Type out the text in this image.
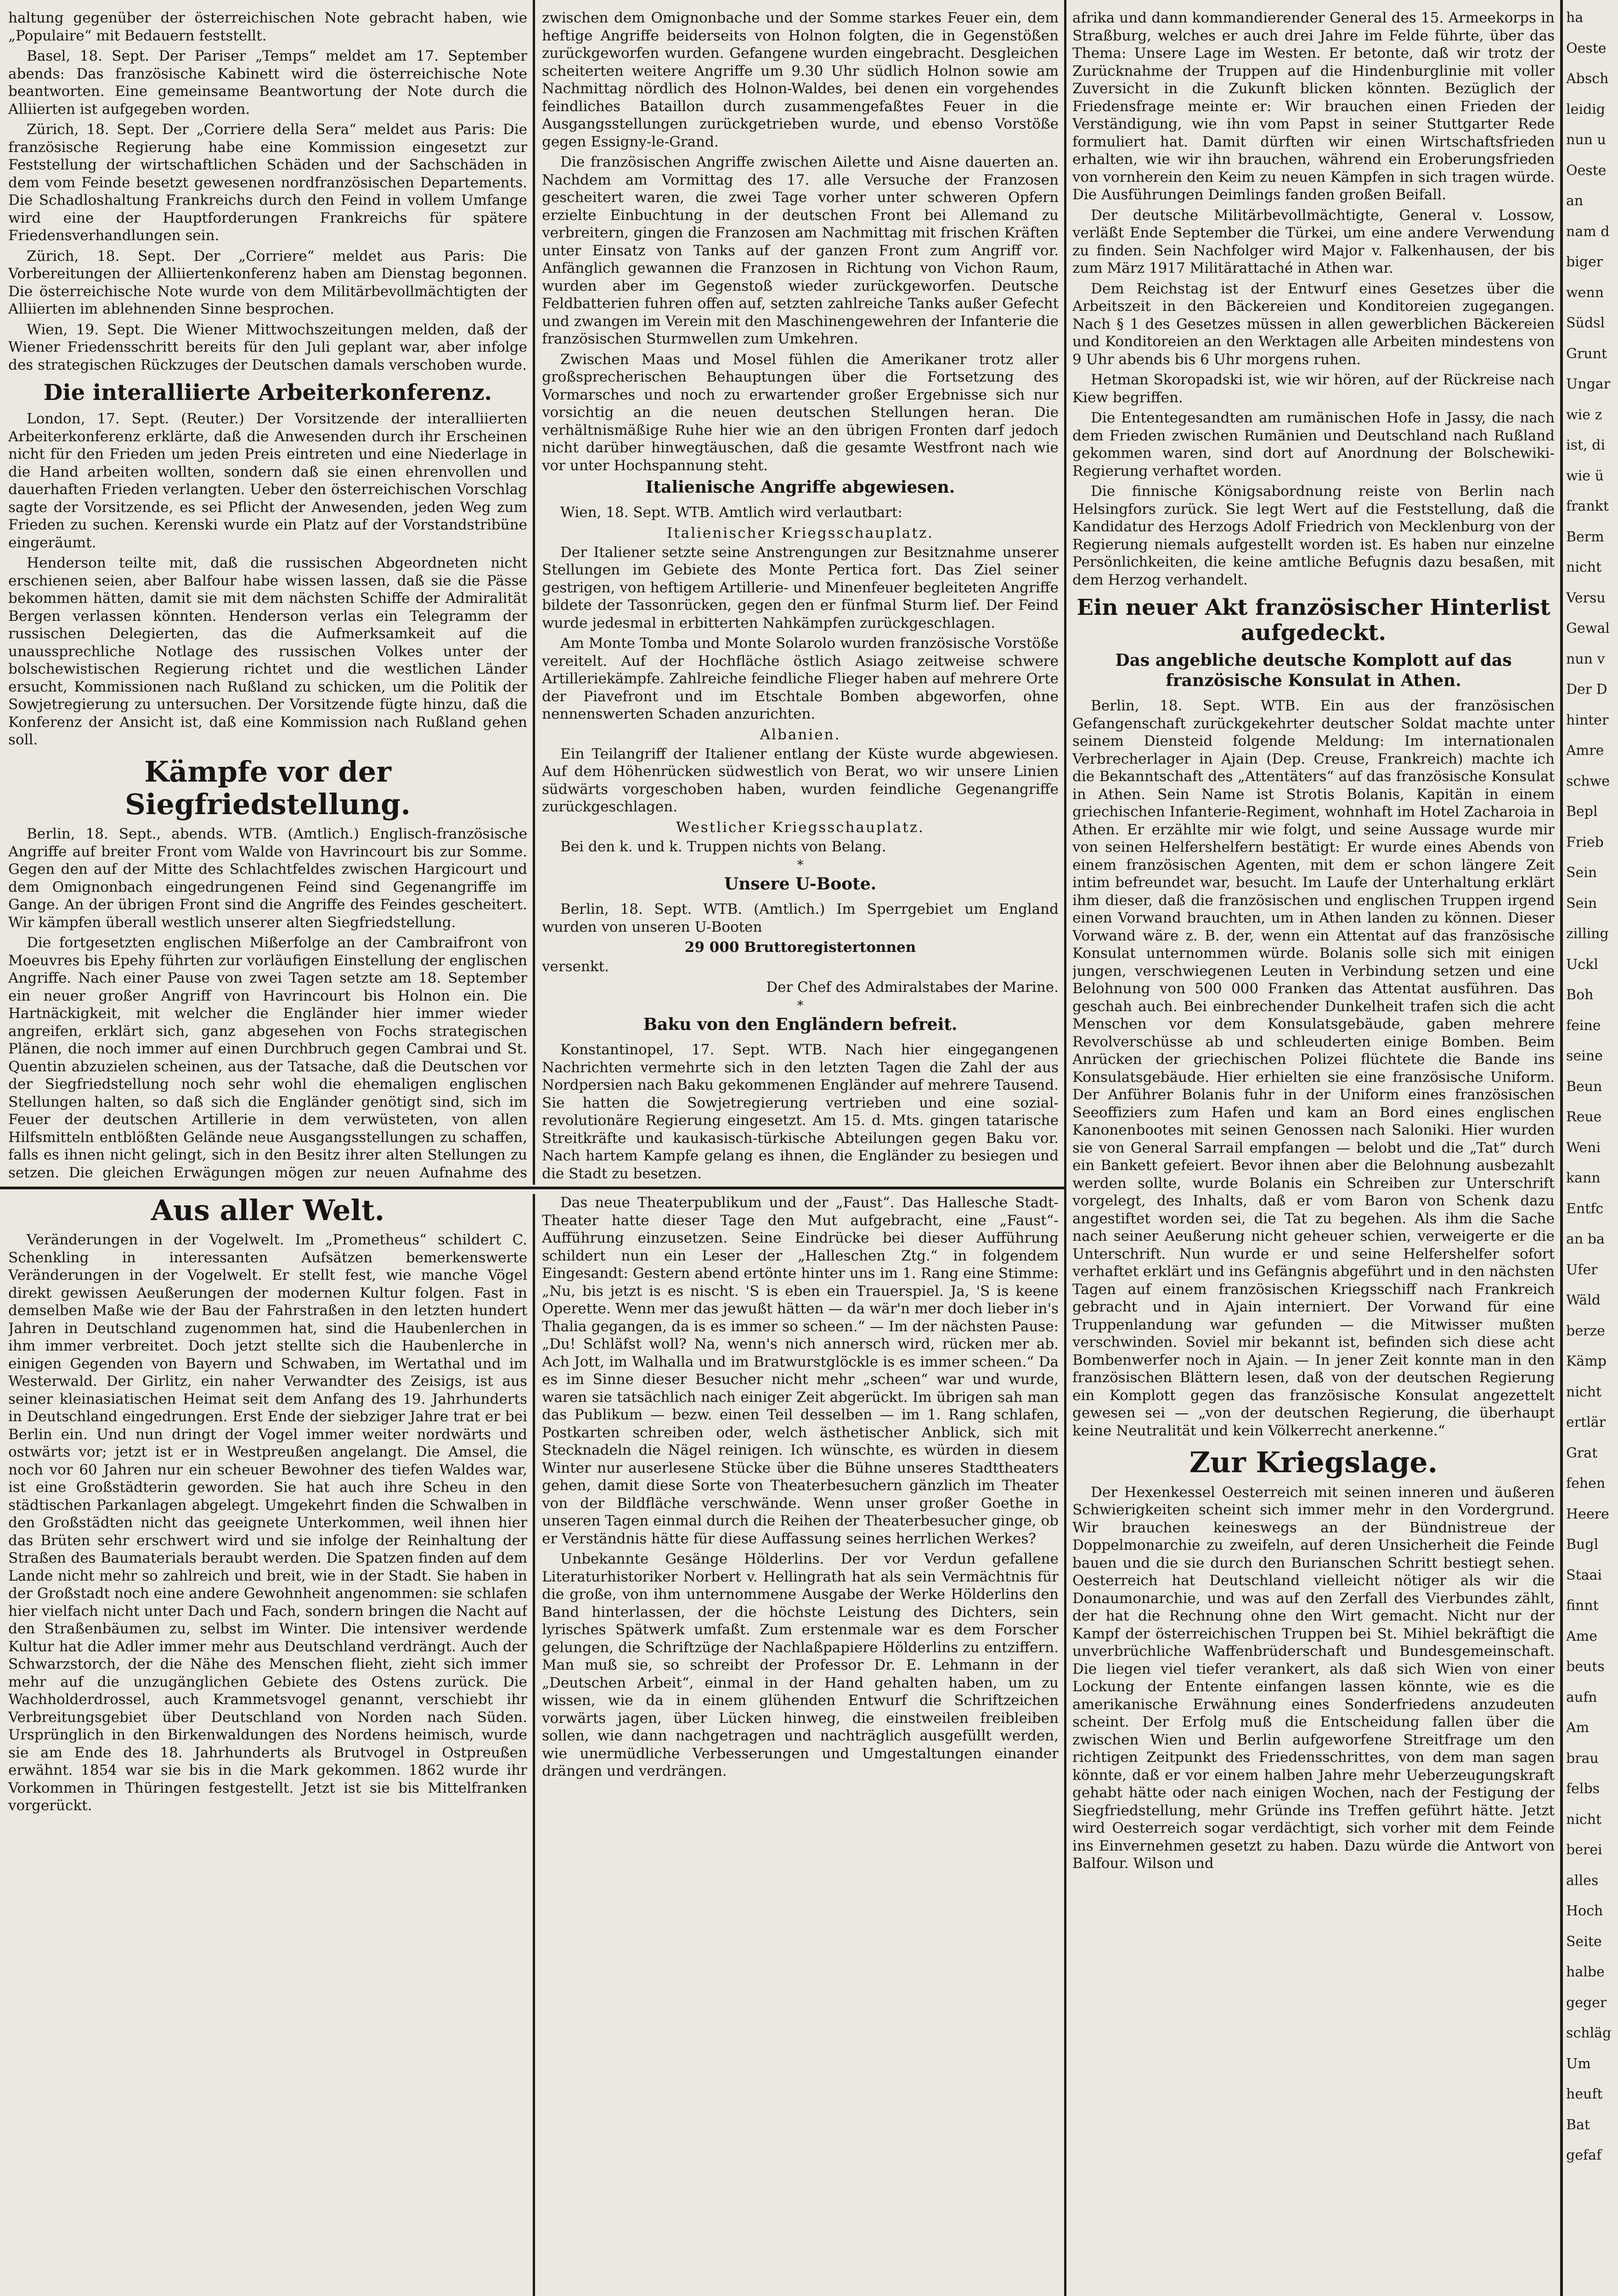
haltung gegenüber der österreichischen Note gebracht haben, wie „Populaire“ mit Bedauern feststellt.

Basel, 18. Sept. Der Pariser „Temps“ meldet am 17. September abends: Das französische Kabinett wird die österreichische Note beantworten. Eine gemeinsame Beantwortung der Note durch die Alliierten ist aufgegeben worden.

Zürich, 18. Sept. Der „Corriere della Sera“ meldet aus Paris: Die französische Regierung habe eine Kommission eingesetzt zur Feststellung der wirtschaftlichen Schäden und der Sachschäden in dem vom Feinde besetzt gewesenen nordfranzösischen Departements. Die Schadloshaltung Frankreichs durch den Feind in vollem Umfange wird eine der Hauptforderungen Frankreichs für spätere Friedensverhandlungen sein.

Zürich, 18. Sept. Der „Corriere“ meldet aus Paris: Die Vorbereitungen der Alliiertenkonferenz haben am Dienstag begonnen. Die österreichische Note wurde von dem Militärbevollmächtigten der Alliierten im ablehnenden Sinne besprochen.

Wien, 19. Sept. Die Wiener Mittwochszeitungen melden, daß der Wiener Friedensschritt bereits für den Juli geplant war, aber infolge des strategischen Rückzuges der Deutschen damals verschoben wurde.

Die interalliierte Arbeiterkonferenz.

London, 17. Sept. (Reuter.) Der Vorsitzende der interalliierten Arbeiterkonferenz erklärte, daß die Anwesenden durch ihr Erscheinen nicht für den Frieden um jeden Preis eintreten und eine Niederlage in die Hand arbeiten wollten, sondern daß sie einen ehrenvollen und dauerhaften Frieden verlangten. Ueber den österreichischen Vorschlag sagte der Vorsitzende, es sei Pflicht der Anwesenden, jeden Weg zum Frieden zu suchen. Kerenski wurde ein Platz auf der Vorstandstribüne eingeräumt.

Henderson teilte mit, daß die russischen Abgeordneten nicht erschienen seien, aber Balfour habe wissen lassen, daß sie die Pässe bekommen hätten, damit sie mit dem nächsten Schiffe der Admiralität Bergen verlassen könnten. Henderson verlas ein Telegramm der russischen Delegierten, das die Aufmerksamkeit auf die unaussprechliche Notlage des russischen Volkes unter der bolschewistischen Regierung richtet und die westlichen Länder ersucht, Kommissionen nach Rußland zu schicken, um die Politik der Sowjetregierung zu untersuchen. Der Vorsitzende fügte hinzu, daß die Konferenz der Ansicht ist, daß eine Kommission nach Rußland gehen soll.

Kämpfe vor der Siegfriedstellung.

Berlin, 18. Sept., abends. WTB. (Amtlich.) Englisch-französische Angriffe auf breiter Front vom Walde von Havrincourt bis zur Somme. Gegen den auf der Mitte des Schlachtfeldes zwischen Hargicourt und dem Omignonbach eingedrungenen Feind sind Gegenangriffe im Gange. An der übrigen Front sind die Angriffe des Feindes gescheitert. Wir kämpfen überall westlich unserer alten Siegfriedstellung.

Die fortgesetzten englischen Mißerfolge an der Cambraifront von Moeuvres bis Epehy führten zur vorläufigen Einstellung der englischen Angriffe. Nach einer Pause von zwei Tagen setzte am 18. September ein neuer großer Angriff von Havrincourt bis Holnon ein. Die Hartnäckigkeit, mit welcher die Engländer hier immer wieder angreifen, erklärt sich, ganz abgesehen von Fochs strategischen Plänen, die noch immer auf einen Durchbruch gegen Cambrai und St. Quentin abzuzielen scheinen, aus der Tatsache, daß die Deutschen vor der Siegfriedstellung noch sehr wohl die ehemaligen englischen Stellungen halten, so daß sich die Engländer genötigt sind, sich im Feuer der deutschen Artillerie in dem verwüsteten, von allen Hilfsmitteln entblößten Gelände neue Ausgangsstellungen zu schaffen, falls es ihnen nicht gelingt, sich in den Besitz ihrer alten Stellungen zu setzen. Die gleichen Erwägungen mögen zur neuen Aufnahme des

zwischen dem Omignonbache und der Somme starkes Feuer ein, dem heftige Angriffe beiderseits von Holnon folgten, die in Gegenstößen zurückgeworfen wurden. Gefangene wurden eingebracht. Desgleichen scheiterten weitere Angriffe um 9.30 Uhr südlich Holnon sowie am Nachmittag nördlich des Holnon-Waldes, bei denen ein vorgehendes feindliches Bataillon durch zusammengefaßtes Feuer in die Ausgangsstellungen zurückgetrieben wurde, und ebenso Vorstöße gegen Essigny-le-Grand.

Die französischen Angriffe zwischen Ailette und Aisne dauerten an. Nachdem am Vormittag des 17. alle Versuche der Franzosen gescheitert waren, die zwei Tage vorher unter schweren Opfern erzielte Einbuchtung in der deutschen Front bei Allemand zu verbreitern, gingen die Franzosen am Nachmittag mit frischen Kräften unter Einsatz von Tanks auf der ganzen Front zum Angriff vor. Anfänglich gewannen die Franzosen in Richtung von Vichon Raum, wurden aber im Gegenstoß wieder zurückgeworfen. Deutsche Feldbatterien fuhren offen auf, setzten zahlreiche Tanks außer Gefecht und zwangen im Verein mit den Maschinengewehren der Infanterie die französischen Sturmwellen zum Umkehren.

Zwischen Maas und Mosel fühlen die Amerikaner trotz aller großsprecherischen Behauptungen über die Fortsetzung des Vormarsches und noch zu erwartender großer Ergebnisse sich nur vorsichtig an die neuen deutschen Stellungen heran. Die verhältnismäßige Ruhe hier wie an den übrigen Fronten darf jedoch nicht darüber hinwegtäuschen, daß die gesamte Westfront nach wie vor unter Hochspannung steht.

Italienische Angriffe abgewiesen.

Wien, 18. Sept. WTB. Amtlich wird verlautbart:

Italienischer Kriegsschauplatz.

Der Italiener setzte seine Anstrengungen zur Besitznahme unserer Stellungen im Gebiete des Monte Pertica fort. Das Ziel seiner gestrigen, von heftigem Artillerie- und Minenfeuer begleiteten Angriffe bildete der Tassonrücken, gegen den er fünfmal Sturm lief. Der Feind wurde jedesmal in erbitterten Nahkämpfen zurückgeschlagen.

Am Monte Tomba und Monte Solarolo wurden französische Vorstöße vereitelt. Auf der Hochfläche östlich Asiago zeitweise schwere Artilleriekämpfe. Zahlreiche feindliche Flieger haben auf mehrere Orte der Piavefront und im Etschtale Bomben abgeworfen, ohne nennenswerten Schaden anzurichten.

Albanien.

Ein Teilangriff der Italiener entlang der Küste wurde abgewiesen. Auf dem Höhenrücken südwestlich von Berat, wo wir unsere Linien südwärts vorgeschoben haben, wurden feindliche Gegenangriffe zurückgeschlagen.

Westlicher Kriegsschauplatz.

Bei den k. und k. Truppen nichts von Belang.

*

Unsere U-Boote.

Berlin, 18. Sept. WTB. (Amtlich.) Im Sperrgebiet um England wurden von unseren U-Booten

29 000 Bruttoregistertonnen

versenkt.

Der Chef des Admiralstabes der Marine.

*

Baku von den Engländern befreit.

Konstantinopel, 17. Sept. WTB. Nach hier eingegangenen Nachrichten vermehrte sich in den letzten Tagen die Zahl der aus Nordpersien nach Baku gekommenen Engländer auf mehrere Tausend. Sie hatten die Sowjetregierung vertrieben und eine sozial-revolutionäre Regierung eingesetzt. Am 15. d. Mts. gingen tatarische Streitkräfte und kaukasisch-türkische Abteilungen gegen Baku vor. Nach hartem Kampfe gelang es ihnen, die Engländer zu besiegen und die Stadt zu besetzen.

afrika und dann kommandierender General des 15. Armeekorps in Straßburg, welches er auch drei Jahre im Felde führte, über das Thema: Unsere Lage im Westen. Er betonte, daß wir trotz der Zurücknahme der Truppen auf die Hindenburglinie mit voller Zuversicht in die Zukunft blicken könnten. Bezüglich der Friedensfrage meinte er: Wir brauchen einen Frieden der Verständigung, wie ihn vom Papst in seiner Stuttgarter Rede formuliert hat. Damit dürften wir einen Wirtschaftsfrieden erhalten, wie wir ihn brauchen, während ein Eroberungsfrieden von vornherein den Keim zu neuen Kämpfen in sich tragen würde. Die Ausführungen Deimlings fanden großen Beifall.

Der deutsche Militärbevollmächtigte, General v. Lossow, verläßt Ende September die Türkei, um eine andere Verwendung zu finden. Sein Nachfolger wird Major v. Falkenhausen, der bis zum März 1917 Militärattaché in Athen war.

Dem Reichstag ist der Entwurf eines Gesetzes über die Arbeitszeit in den Bäckereien und Konditoreien zugegangen. Nach § 1 des Gesetzes müssen in allen gewerblichen Bäckereien und Konditoreien an den Werktagen alle Arbeiten mindestens von 9 Uhr abends bis 6 Uhr morgens ruhen.

Hetman Skoropadski ist, wie wir hören, auf der Rückreise nach Kiew begriffen.

Die Ententegesandten am rumänischen Hofe in Jassy, die nach dem Frieden zwischen Rumänien und Deutschland nach Rußland gekommen waren, sind dort auf Anordnung der Bolschewiki-Regierung verhaftet worden.

Die finnische Königsabordnung reiste von Berlin nach Helsingfors zurück. Sie legt Wert auf die Feststellung, daß die Kandidatur des Herzogs Adolf Friedrich von Mecklenburg von der Regierung niemals aufgestellt worden ist. Es haben nur einzelne Persönlichkeiten, die keine amtliche Befugnis dazu besaßen, mit dem Herzog verhandelt.

Ein neuer Akt französischer Hinterlist aufgedeckt.
Das angebliche deutsche Komplott auf das französische Konsulat in Athen.

Berlin, 18. Sept. WTB. Ein aus der französischen Gefangenschaft zurückgekehrter deutscher Soldat machte unter seinem Diensteid folgende Meldung: Im internationalen Verbrecherlager in Ajain (Dep. Creuse, Frankreich) machte ich die Bekanntschaft des „Attentäters“ auf das französische Konsulat in Athen. Sein Name ist Strotis Bolanis, Kapitän in einem griechischen Infanterie-Regiment, wohnhaft im Hotel Zacharoia in Athen. Er erzählte mir wie folgt, und seine Aussage wurde mir von seinen Helfershelfern bestätigt: Er wurde eines Abends von einem französischen Agenten, mit dem er schon längere Zeit intim befreundet war, besucht. Im Laufe der Unterhaltung erklärt ihm dieser, daß die französischen und englischen Truppen irgend einen Vorwand brauchten, um in Athen landen zu können. Dieser Vorwand wäre z. B. der, wenn ein Attentat auf das französische Konsulat unternommen würde. Bolanis solle sich mit einigen jungen, verschwiegenen Leuten in Verbindung setzen und eine Belohnung von 500 000 Franken das Attentat ausführen. Das geschah auch. Bei einbrechender Dunkelheit trafen sich die acht Menschen vor dem Konsulatsgebäude, gaben mehrere Revolverschüsse ab und schleuderten einige Bomben. Beim Anrücken der griechischen Polizei flüchtete die Bande ins Konsulatsgebäude. Hier erhielten sie eine französische Uniform. Der Anführer Bolanis fuhr in der Uniform eines französischen Seeoffiziers zum Hafen und kam an Bord eines englischen Kanonenbootes mit seinen Genossen nach Saloniki. Hier wurden sie von General Sarrail empfangen — belobt und die „Tat“ durch ein Bankett gefeiert. Bevor ihnen aber die Belohnung ausbezahlt werden sollte, wurde Bolanis ein Schreiben zur Unterschrift vorgelegt, des Inhalts, daß er vom Baron von Schenk dazu angestiftet worden sei, die Tat zu begehen. Als ihm die Sache nach seiner Aeußerung nicht geheuer schien, verweigerte er die Unterschrift. Nun wurde er und seine Helfershelfer sofort verhaftet erklärt und ins Gefängnis abgeführt und in den nächsten Tagen auf einem französischen Kriegsschiff nach Frankreich gebracht und in Ajain interniert. Der Vorwand für eine Truppenlandung war gefunden — die Mitwisser mußten verschwinden. Soviel mir bekannt ist, befinden sich diese acht Bombenwerfer noch in Ajain. — In jener Zeit konnte man in den französischen Blättern lesen, daß von der deutschen Regierung ein Komplott gegen das französische Konsulat angezettelt gewesen sei — „von der deutschen Regierung, die überhaupt keine Neutralität und kein Völkerrecht anerkenne.“

Zur Kriegslage.

Der Hexenkessel Oesterreich mit seinen inneren und äußeren Schwierigkeiten scheint sich immer mehr in den Vordergrund. Wir brauchen keineswegs an der Bündnistreue der Doppelmonarchie zu zweifeln, auf deren Unsicherheit die Feinde bauen und die sie durch den Burianschen Schritt bestiegt sehen. Oesterreich hat Deutschland vielleicht nötiger als wir die Donaumonarchie, und was auf den Zerfall des Vierbundes zählt, der hat die Rechnung ohne den Wirt gemacht. Nicht nur der Kampf der österreichischen Truppen bei St. Mihiel bekräftigt die unverbrüchliche Waffenbrüderschaft und Bundesgemeinschaft. Die liegen viel tiefer verankert, als daß sich Wien von einer Lockung der Entente einfangen lassen könnte, wie es die amerikanische Erwähnung eines Sonderfriedens anzudeuten scheint. Der Erfolg muß die Entscheidung fallen über die zwischen Wien und Berlin aufgeworfene Streitfrage um den richtigen Zeitpunkt des Friedensschrittes, von dem man sagen könnte, daß er vor einem halben Jahre mehr Ueberzeugungskraft gehabt hätte oder nach einigen Wochen, nach der Festigung der Siegfriedstellung, mehr Gründe ins Treffen geführt hätte. Jetzt wird Oesterreich sogar verdächtigt, sich vorher mit dem Feinde ins Einvernehmen gesetzt zu haben. Dazu würde die Antwort von Balfour. Wilson und

ha
Oeste
Absch
leidig
nun u
Oeste
an
nam d
biger
wenn
Südsl
Grunt
Ungar
wie z
ist, di
wie ü
frankt
Berm
nicht
Versu
Gewal
nun v
Der D
hinter
Amre
schwe
Bepl
Frieb
Sein
Sein
zilling
Uckl
Boh
feine
seine
Beun
Reue
Weni
kann
Entfc
an ba
Ufer
Wäld
berze
Kämp
nicht
ertlär
Grat
fehen
Heere
Bugl
Staai
finnt
Ame
beuts
aufn
Am
brau
felbs
nicht
berei
alles
Hoch
Seite
halbe
geger
schläg
Um
heuft
Bat
gefaf
Aus aller Welt.

Veränderungen in der Vogelwelt. Im „Prometheus“ schildert C. Schenkling in interessanten Aufsätzen bemerkenswerte Veränderungen in der Vogelwelt. Er stellt fest, wie manche Vögel direkt gewissen Aeußerungen der modernen Kultur folgen. Fast in demselben Maße wie der Bau der Fahrstraßen in den letzten hundert Jahren in Deutschland zugenommen hat, sind die Haubenlerchen in ihm immer verbreitet. Doch jetzt stellte sich die Haubenlerche in einigen Gegenden von Bayern und Schwaben, im Wertathal und im Westerwald. Der Girlitz, ein naher Verwandter des Zeisigs, ist aus seiner kleinasiatischen Heimat seit dem Anfang des 19. Jahrhunderts in Deutschland eingedrungen. Erst Ende der siebziger Jahre trat er bei Berlin ein. Und nun dringt der Vogel immer weiter nordwärts und ostwärts vor; jetzt ist er in Westpreußen angelangt. Die Amsel, die noch vor 60 Jahren nur ein scheuer Bewohner des tiefen Waldes war, ist eine Großstädterin geworden. Sie hat auch ihre Scheu in den städtischen Parkanlagen abgelegt. Umgekehrt finden die Schwalben in den Großstädten nicht das geeignete Unterkommen, weil ihnen hier das Brüten sehr erschwert wird und sie infolge der Reinhaltung der Straßen des Baumaterials beraubt werden. Die Spatzen finden auf dem Lande nicht mehr so zahlreich und breit, wie in der Stadt. Sie haben in der Großstadt noch eine andere Gewohnheit angenommen: sie schlafen hier vielfach nicht unter Dach und Fach, sondern bringen die Nacht auf den Straßenbäumen zu, selbst im Winter. Die intensiver werdende Kultur hat die Adler immer mehr aus Deutschland verdrängt. Auch der Schwarzstorch, der die Nähe des Menschen flieht, zieht sich immer mehr auf die unzugänglichen Gebiete des Ostens zurück. Die Wachholderdrossel, auch Krammetsvogel genannt, verschiebt ihr Verbreitungsgebiet über Deutschland von Norden nach Süden. Ursprünglich in den Birkenwaldungen des Nordens heimisch, wurde sie am Ende des 18. Jahrhunderts als Brutvogel in Ostpreußen erwähnt. 1854 war sie bis in die Mark gekommen. 1862 wurde ihr Vorkommen in Thüringen festgestellt. Jetzt ist sie bis Mittelfranken vorgerückt.

Das neue Theaterpublikum und der „Faust“. Das Hallesche Stadt-Theater hatte dieser Tage den Mut aufgebracht, eine „Faust“-Aufführung einzusetzen. Seine Eindrücke bei dieser Aufführung schildert nun ein Leser der „Halleschen Ztg.“ in folgendem Eingesandt: Gestern abend ertönte hinter uns im 1. Rang eine Stimme: „Nu, bis jetzt is es nischt. 'S is eben ein Trauerspiel. Ja, 'S is keene Operette. Wenn mer das jewußt hätten — da wär'n mer doch lieber in's Thalia gegangen, da is es immer so scheen.“ — Im der nächsten Pause: „Du! Schläfst woll? Na, wenn's nich annersch wird, rücken mer ab. Ach Jott, im Walhalla und im Bratwurstglöckle is es immer scheen.“ Da es im Sinne dieser Besucher nicht mehr „scheen“ war und wurde, waren sie tatsächlich nach einiger Zeit abgerückt. Im übrigen sah man das Publikum — bezw. einen Teil desselben — im 1. Rang schlafen, Postkarten schreiben oder, welch ästhetischer Anblick, sich mit Stecknadeln die Nägel reinigen. Ich wünschte, es würden in diesem Winter nur auserlesene Stücke über die Bühne unseres Stadttheaters gehen, damit diese Sorte von Theaterbesuchern gänzlich im Theater von der Bildfläche verschwände. Wenn unser großer Goethe in unseren Tagen einmal durch die Reihen der Theaterbesucher ginge, ob er Verständnis hätte für diese Auffassung seines herrlichen Werkes?

Unbekannte Gesänge Hölderlins. Der vor Verdun gefallene Literaturhistoriker Norbert v. Hellingrath hat als sein Vermächtnis für die große, von ihm unternommene Ausgabe der Werke Hölderlins den Band hinterlassen, der die höchste Leistung des Dichters, sein lyrisches Spätwerk umfaßt. Zum erstenmale war es dem Forscher gelungen, die Schriftzüge der Nachlaßpapiere Hölderlins zu entziffern. Man muß sie, so schreibt der Professor Dr. E. Lehmann in der „Deutschen Arbeit“, einmal in der Hand gehalten haben, um zu wissen, wie da in einem glühenden Entwurf die Schriftzeichen vorwärts jagen, über Lücken hinweg, die einstweilen freibleiben sollen, wie dann nachgetragen und nachträglich ausgefüllt werden, wie unermüdliche Verbesserungen und Umgestaltungen einander drängen und verdrängen.
